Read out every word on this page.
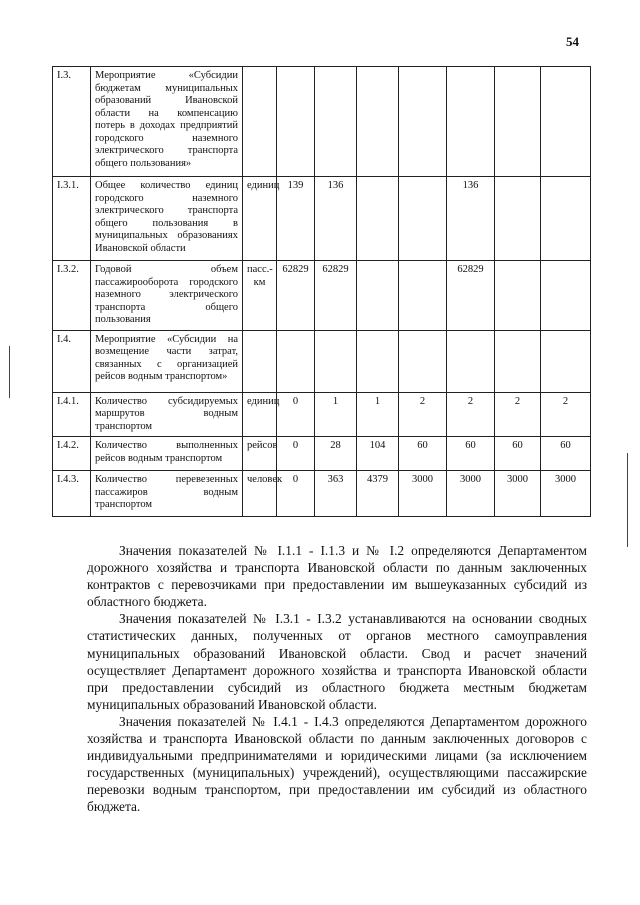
54
I.3.	Мероприятие «Субсидии бюджетам муниципальных образований Ивановской области на компенсацию потерь в доходах предприятий городского наземного электрического транспорта общего пользования»								
I.3.1.	Общее количество единиц городского наземного электрического транспорта общего пользования в муниципальных образованиях Ивановской области	единиц	139	136			136		
I.3.2.	Годовой объем пассажирооборота городского наземного электрического транспорта общего пользования	пасс.-км	62829	62829			62829		
I.4.	Мероприятие «Субсидии на возмещение части затрат, связанных с организацией рейсов водным транспортом»								
I.4.1.	Количество субсидируемых маршрутов водным транспортом	единиц	0	1	1	2	2	2	2
I.4.2.	Количество выполненных рейсов водным транспортом	рейсов	0	28	104	60	60	60	60
I.4.3.	Количество перевезенных пассажиров водным транспортом	человек	0	363	4379	3000	3000	3000	3000

Значения показателей № I.1.1 - I.1.3 и № I.2 определяются Департаментом дорожного хозяйства и транспорта Ивановской области по данным заключенных контрактов с перевозчиками при предоставлении им вышеуказанных субсидий из областного бюджета.

Значения показателей № I.3.1 - I.3.2 устанавливаются на основании сводных статистических данных, полученных от органов местного самоуправления муниципальных образований Ивановской области. Свод и расчет значений осуществляет Департамент дорожного хозяйства и транспорта Ивановской области при предоставлении субсидий из областного бюджета местным бюджетам муниципальных образований Ивановской области.

Значения показателей № I.4.1 - I.4.3 определяются Департаментом дорожного хозяйства и транспорта Ивановской области по данным заключенных договоров с индивидуальными предпринимателями и юридическими лицами (за исключением государственных (муниципальных) учреждений), осуществляющими пассажирские перевозки водным транспортом, при предоставлении им субсидий из областного бюджета.
